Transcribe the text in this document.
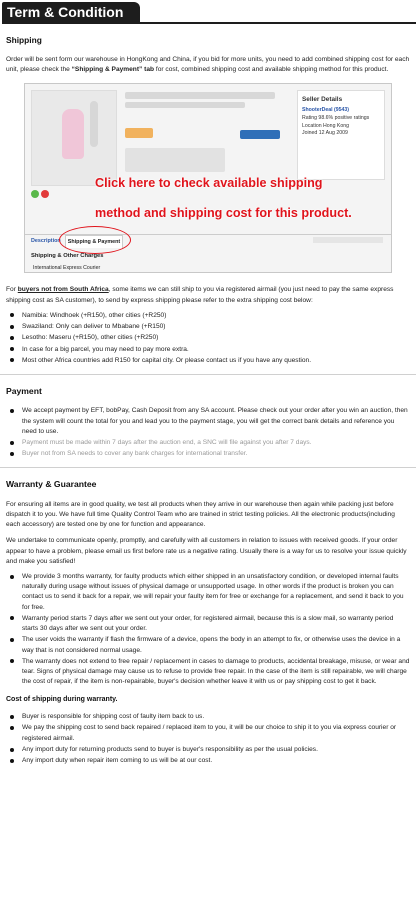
Term & Condition
Shipping

Order will be sent form our warehouse in HongKong and China, if you bid for more units, you need to add combined shipping cost for each unit, please check the “Shipping & Payment” tab for cost, combined shipping cost and available shipping method for this product.

Seller Details
ShooterDeal (9543)
Rating 98.6% positive ratings
Location Hong Kong
Joined 12 Aug 2009
Click here to check available shipping
method and shipping cost for this product.
Description	Shipping & Payment
Shipping & Other Charges
International Express Courier

For buyers not from South Africa, some items we can still ship to you via registered airmail (you just need to pay the same express shipping cost as SA customer), to send by express shipping please refer to the extra shipping cost below:

Namibia: Windhoek (+R150), other cities (+R250)
Swaziland: Only can deliver to Mbabane (+R150)
Lesotho: Maseru (+R150), other cities (+R250)
In case for a big parcel, you may need to pay more extra.
Most other Africa countries add R150 for capital city. Or please contact us if you have any question.
Payment
We accept payment by EFT, bobPay, Cash Deposit from any SA account. Please check out your order after you win an auction, then the system will count the total for you and lead you to the payment stage, you will get the correct bank details and reference you need to use.
Payment must be made within 7 days after the auction end, a SNC will file against you after 7 days.
Buyer not from SA needs to cover any bank charges for international transfer.
Warranty & Guarantee

For ensuring all items are in good quality, we test all products when they arrive in our warehouse then again while packing just before dispatch it to you. We have full time Quality Control Team who are trained in strict testing policies. All the electronic products(including each accessory) are tested one by one for function and appearance.

We undertake to communicate openly, promptly, and carefully with all customers in relation to issues with received goods. If your order appear to have a problem, please email us first before rate us a negative rating. Usually there is a way for us to resolve your issue quickly and make you satisfied!

We provide 3 months warranty, for faulty products which either shipped in an unsatisfactory condition, or developed internal faults naturally during usage without issues of physical damage or unsupported usage. In other words if the product is broken you can contact us to send it back for a repair, we will repair your faulty item for free or exchange for a replacement, and send it back to you for free.
Warranty period starts 7 days after we sent out your order, for registered airmail, because this is a slow mail, so warranty period starts 30 days after we sent out your order.
The user voids the warranty if flash the firmware of a device, opens the body in an attempt to fix, or otherwise uses the device in a way that is not considered normal usage.
The warranty does not extend to free repair / replacement in cases to damage to products, accidental breakage, misuse, or wear and tear. Signs of physical damage may cause us to refuse to provide free repair. In the case of the item is still repairable, we will charge the cost of repair, if the item is non-repairable, buyer's decision whether leave it with us or pay shipping cost to get it back.
Cost of shipping during warranty.
Buyer is responsible for shipping cost of faulty item back to us.
We pay the shipping cost to send back repaired / replaced item to you, it will be our choice to ship it to you via express courier or registered airmail.
Any import duty for returning products send to buyer is buyer's responsibility as per the usual policies.
Any import duty when repair item coming to us will be at our cost.
